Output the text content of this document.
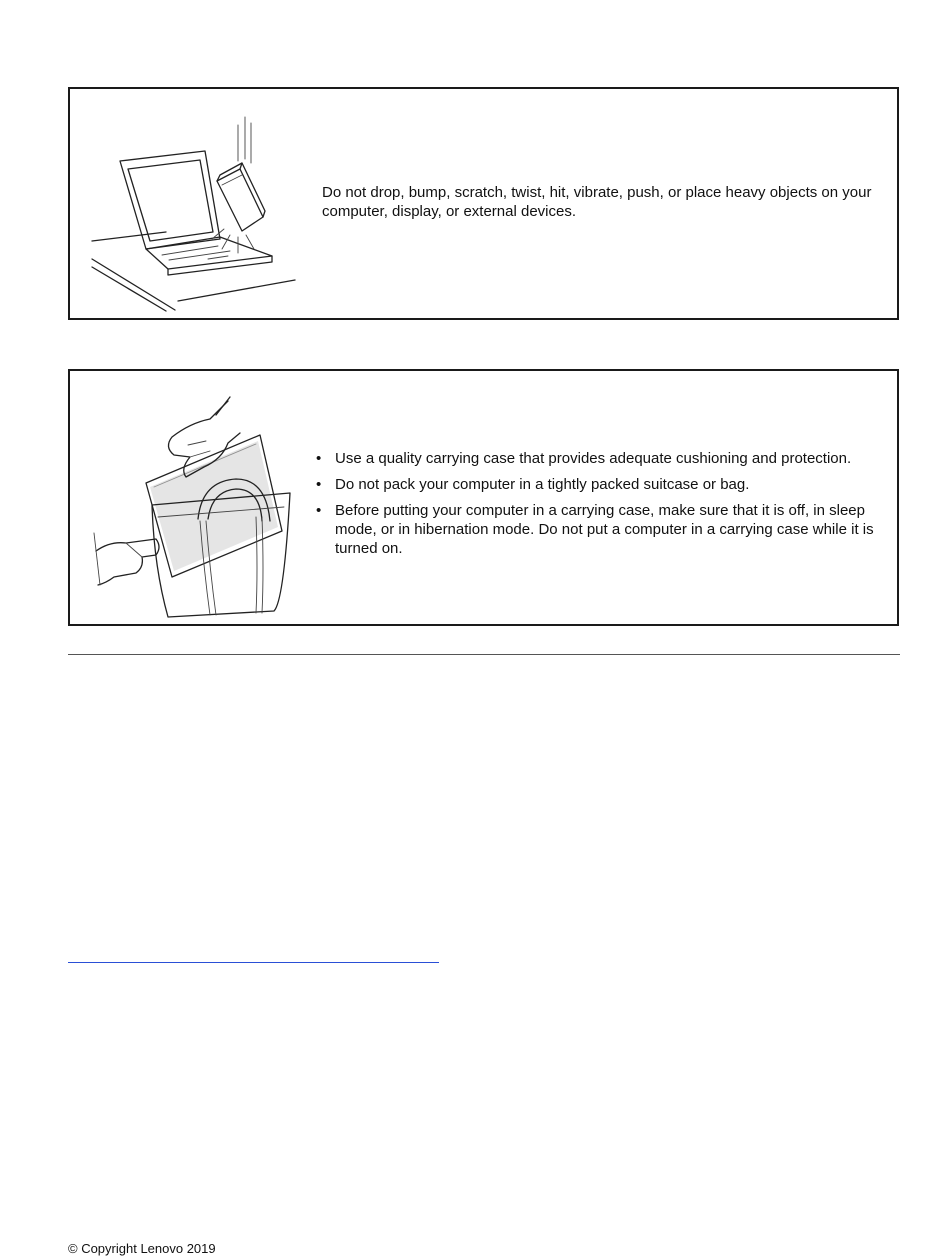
Do not drop, bump, scratch, twist, hit, vibrate, push, or place heavy objects on your computer, display, or external devices.

• Use a quality carrying case that provides adequate cushioning and protection.
• Do not pack your computer in a tightly packed suitcase or bag.
• Before putting your computer in a carrying case, make sure that it is off, in sleep mode, or in hibernation mode. Do not put a computer in a carrying case while it is turned on.
© Copyright Lenovo 2019
